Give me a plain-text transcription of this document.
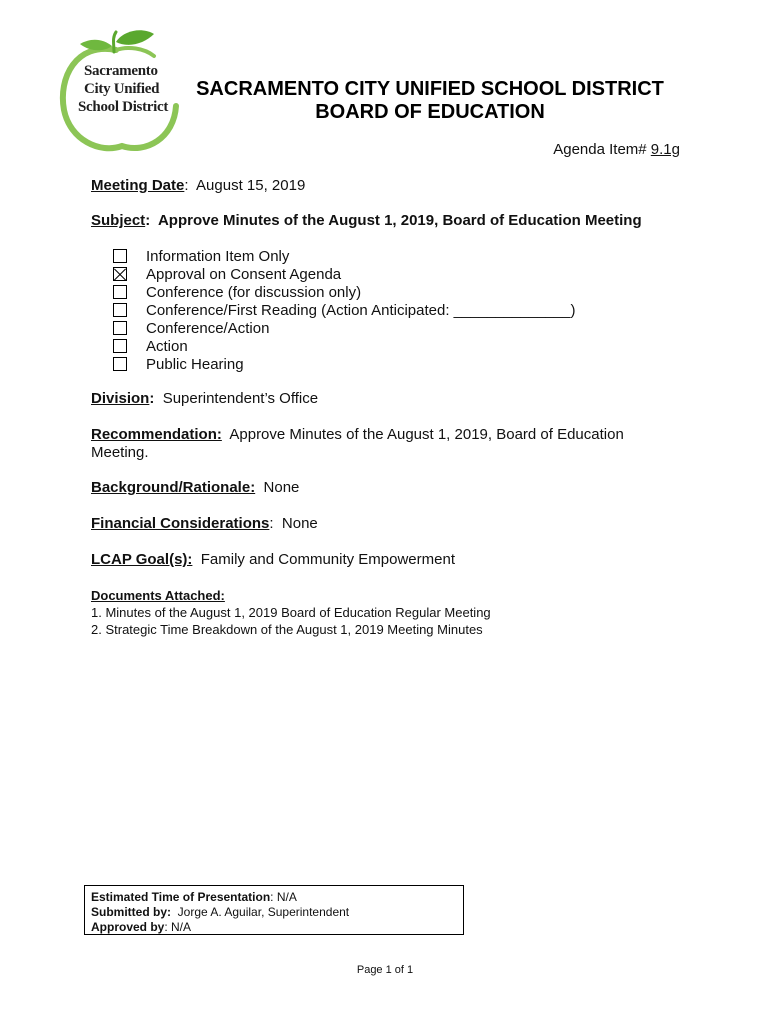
Sacramento
City Unified
School District
SACRAMENTO CITY UNIFIED SCHOOL DISTRICT
BOARD OF EDUCATION
Agenda Item# 9.1g
Meeting Date:  August 15, 2019
Subject:  Approve Minutes of the August 1, 2019, Board of Education Meeting
Information Item Only
Approval on Consent Agenda
Conference (for discussion only)
Conference/First Reading (Action Anticipated: ______________)
Conference/Action
Action
Public Hearing
Division: Superintendent’s Office
Recommendation: Approve Minutes of the August 1, 2019, Board of Education
Meeting.
Background/Rationale: None
Financial Considerations:  None
LCAP Goal(s): Family and Community Empowerment
Documents Attached:
1. Minutes of the August 1, 2019 Board of Education Regular Meeting
2. Strategic Time Breakdown of the August 1, 2019 Meeting Minutes
Estimated Time of Presentation: N/A
Submitted by: Jorge A. Aguilar, Superintendent
Approved by: N/A
Page 1 of 1
